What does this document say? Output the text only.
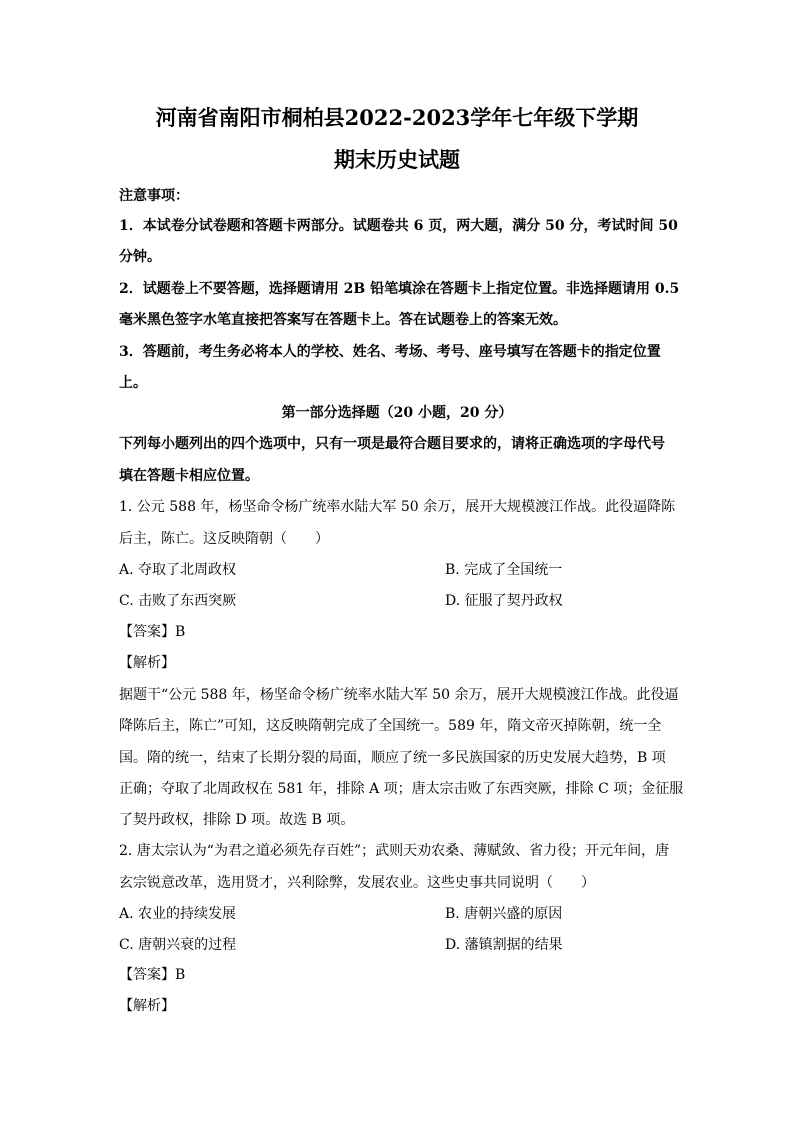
河南省南阳市桐柏县2022-2023学年七年级下学期
期末历史试题
注意事项：
1．本试卷分试卷题和答题卡两部分。试题卷共 6 页，两大题，满分 50 分，考试时间 50
分钟。
2．试题卷上不要答题，选择题请用 2B 铅笔填涂在答题卡上指定位置。非选择题请用 0.5
毫米黑色签字水笔直接把答案写在答题卡上。答在试题卷上的答案无效。
3．答题前，考生务必将本人的学校、姓名、考场、考号、座号填写在答题卡的指定位置
上。
第一部分选择题（20 小题，20 分）
下列每小题列出的四个选项中，只有一项是最符合题目要求的，请将正确选项的字母代号
填在答题卡相应位置。
1. 公元 588 年，杨坚命令杨广统率水陆大军 50 余万，展开大规模渡江作战。此役逼降陈
后主，陈亡。这反映隋朝（　　）
A. 夺取了北周政权	B. 完成了全国统一
C. 击败了东西突厥	D. 征服了契丹政权
【答案】B
【解析】
据题干“公元 588 年，杨坚命令杨广统率水陆大军 50 余万，展开大规模渡江作战。此役逼
降陈后主，陈亡”可知，这反映隋朝完成了全国统一。589 年，隋文帝灭掉陈朝，统一全
国。隋的统一，结束了长期分裂的局面，顺应了统一多民族国家的历史发展大趋势，B 项
正确；夺取了北周政权在 581 年，排除 A 项；唐太宗击败了东西突厥，排除 C 项；金征服
了契丹政权，排除 D 项。故选 B 项。
2. 唐太宗认为“为君之道必须先存百姓”；武则天劝农桑、薄赋敛、省力役；开元年间，唐
玄宗锐意改革，选用贤才，兴利除弊，发展农业。这些史事共同说明（　　）
A. 农业的持续发展	B. 唐朝兴盛的原因
C. 唐朝兴衰的过程	D. 藩镇割据的结果
【答案】B
【解析】
